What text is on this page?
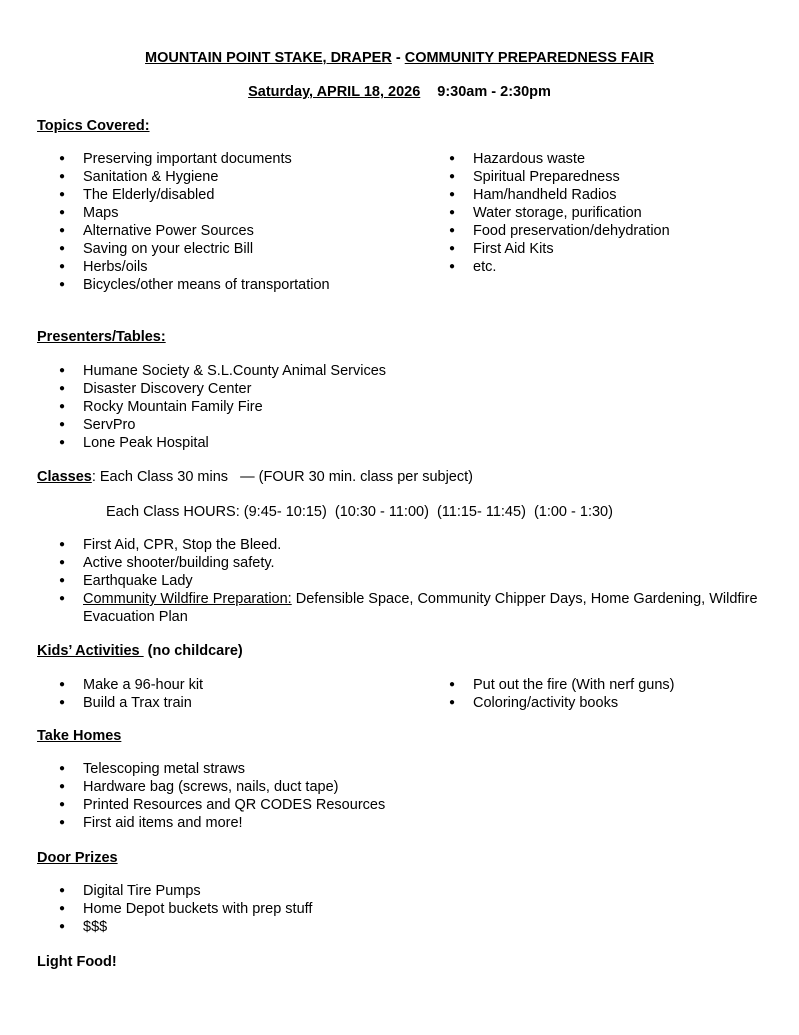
MOUNTAIN POINT STAKE, DRAPER - COMMUNITY PREPAREDNESS FAIR
Saturday, APRIL 18, 2026 9:30am - 2:30pm
Topics Covered:
● Preserving important documents
● Sanitation & Hygiene
● The Elderly/disabled
● Maps
● Alternative Power Sources
● Saving on your electric Bill
● Herbs/oils
● Bicycles/other means of transportation
● Hazardous waste
● Spiritual Preparedness
● Ham/handheld Radios
● Water storage, purification
● Food preservation/dehydration
● First Aid Kits
● etc.
Presenters/Tables:
● Humane Society & S.L.County Animal Services
● Disaster Discovery Center
● Rocky Mountain Family Fire
● ServPro
● Lone Peak Hospital
Classes: Each Class 30 mins   — (FOUR 30 min. class per subject)
Each Class HOURS: (9:45- 10:15)  (10:30 - 11:00)  (11:15- 11:45)  (1:00 - 1:30)
● First Aid, CPR, Stop the Bleed.
● Active shooter/building safety.
● Earthquake Lady
● Community Wildfire Preparation: Defensible Space, Community Chipper Days, Home Gardening, Wildfire Evacuation Plan
Kids’ Activities  (no childcare)
● Make a 96-hour kit
● Build a Trax train
● Put out the fire (With nerf guns)
● Coloring/activity books
Take Homes
● Telescoping metal straws
● Hardware bag (screws, nails, duct tape)
● Printed Resources and QR CODES Resources
● First aid items and more!
Door Prizes
● Digital Tire Pumps
● Home Depot buckets with prep stuff
● $$$
Light Food!
